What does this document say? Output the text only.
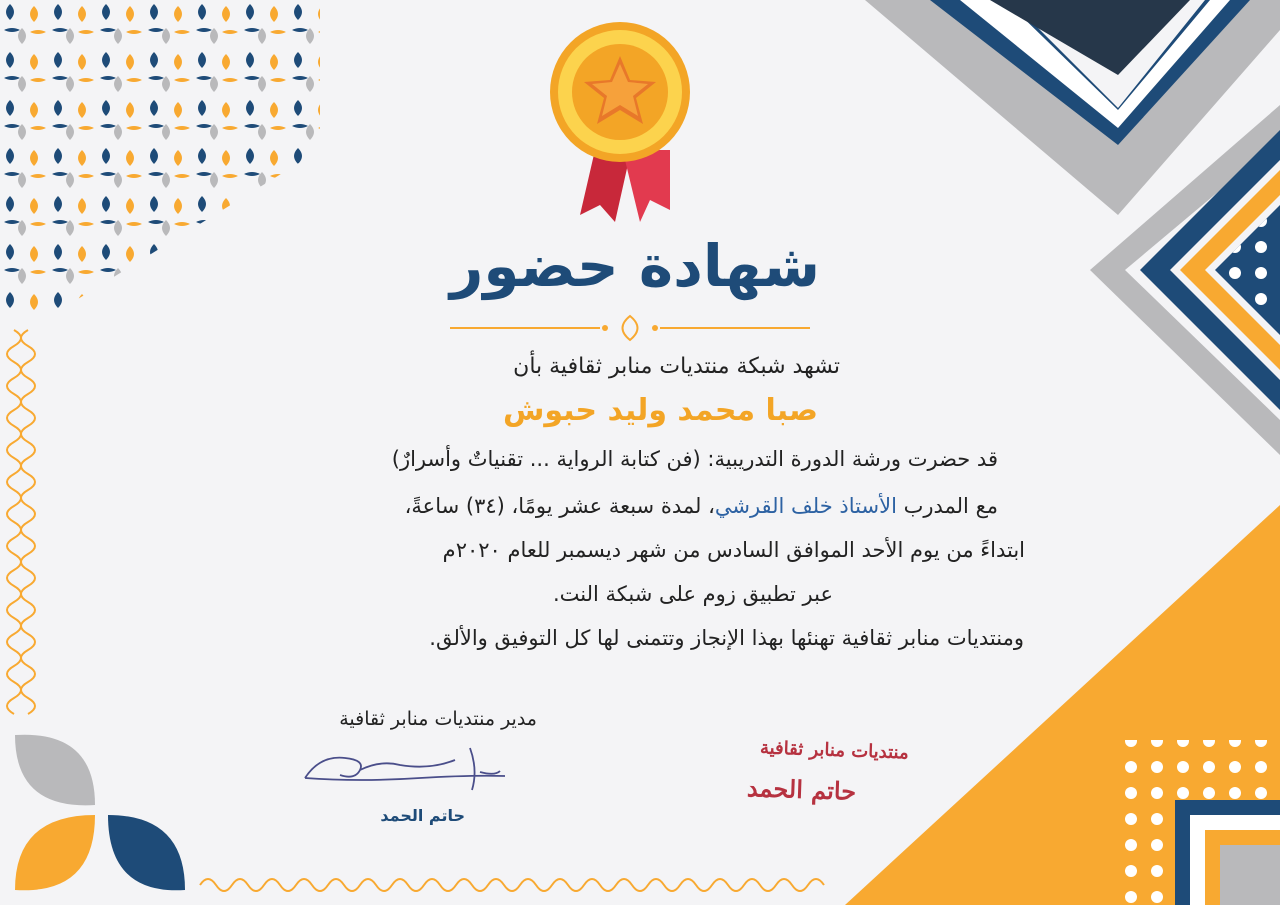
شهادة حضور
تشهد شبكة منتديات منابر ثقافية بأن
صبا محمد وليد حبوش
قد حضرت ورشة الدورة التدريبية: (فن كتابة الرواية ... تقنياتٌ وأسرارٌ)
مع المدرب الأستاذ خلف القرشي، لمدة سبعة عشر يومًا، (٣٤) ساعةً،
ابتداءً من يوم الأحد الموافق السادس من شهر ديسمبر للعام ٢٠٢٠م
عبر تطبيق زوم على شبكة النت.
ومنتديات منابر ثقافية تهنئها بهذا الإنجاز وتتمنى لها كل التوفيق والألق.
مدير منتديات منابر ثقافية
حاتم الحمد
منتديات منابر ثقافية
حاتم الحمد
